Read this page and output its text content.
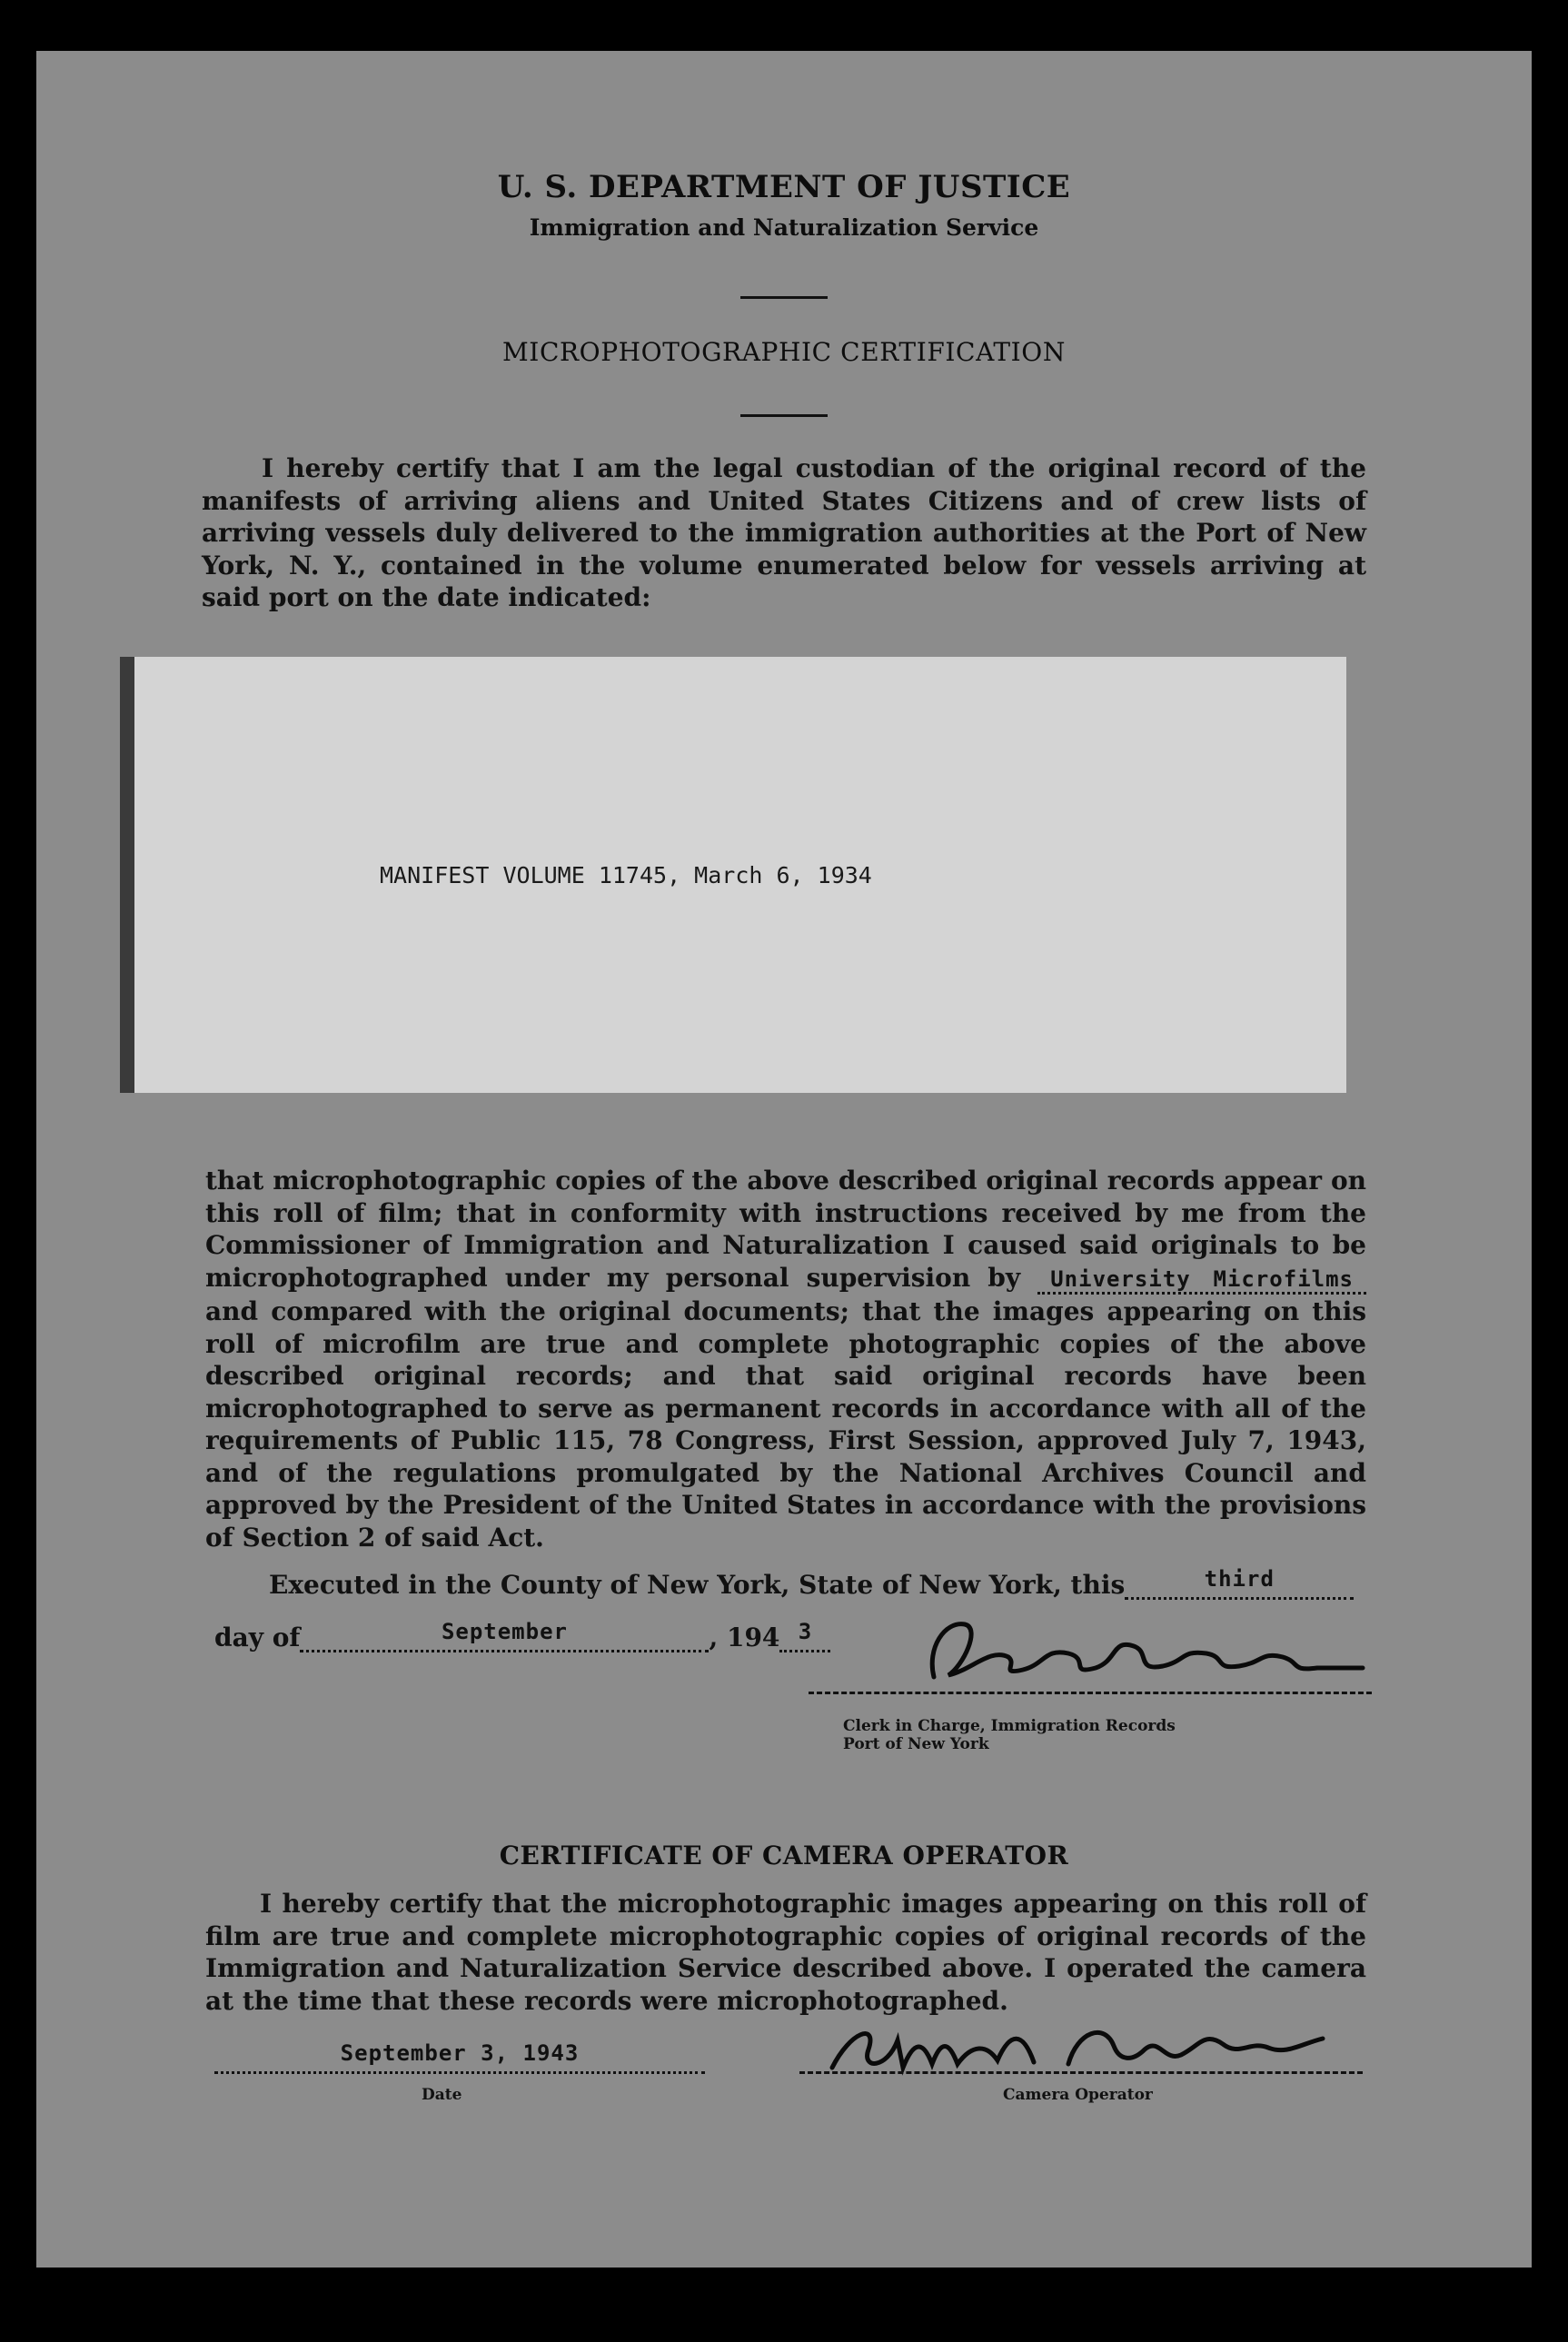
U. S. DEPARTMENT OF JUSTICE
Immigration and Naturalization Service
MICROPHOTOGRAPHIC CERTIFICATION
I hereby certify that I am the legal custodian of the original record of the manifests of arriving aliens and United States Citizens and of crew lists of arriving vessels duly delivered to the immigration authorities at the Port of New York, N. Y., contained in the volume enumerated below for vessels arriving at said port on the date indicated:
MANIFEST VOLUME 11745, March 6, 1934
that microphotographic copies of the above described original records appear on this roll of film; that in conformity with instructions received by me from the Commissioner of Immigration and Naturalization I caused said originals to be microphotographed under my personal supervision by University Microfilms and compared with the original documents; that the images appearing on this roll of microfilm are true and complete photographic copies of the above described original records; and that said original records have been microphotographed to serve as permanent records in accordance with all of the requirements of Public 115, 78 Congress, First Session, approved July 7, 1943, and of the regulations promulgated by the National Archives Council and approved by the President of the United States in accordance with the provisions of Section 2 of said Act.
Executed in the County of New York, State of New York, this	third
day of	September	, 194 3
Clerk in Charge, Immigration Records
Port of New York
CERTIFICATE OF CAMERA OPERATOR
I hereby certify that the microphotographic images appearing on this roll of film are true and complete microphotographic copies of original records of the Immigration and Naturalization Service described above. I operated the camera at the time that these records were microphotographed.
September 3, 1943
Date	Camera Operator
